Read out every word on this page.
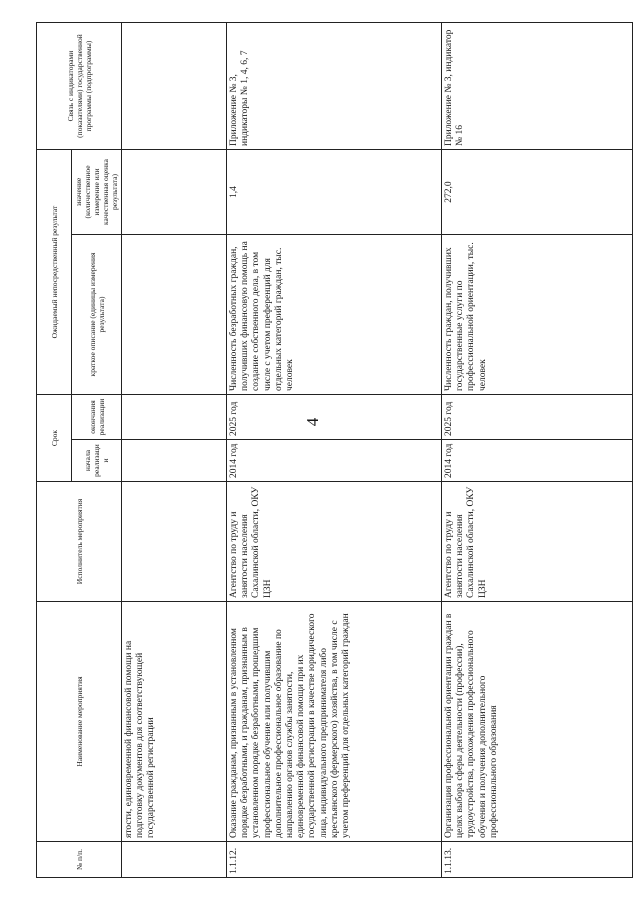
4
№ п/п.	Наименование мероприятия	Исполнитель мероприятия	Срок		Ожидаемый непосредственный результат		Связь с индикаторами (показателями) государственной программы (подпрограммы)
			начала реализации	окончания реализации	краткое описание (единицы измерения результата)	значение (количественное измерение или качественная оценка результата)	
	ятости, единовременной финансовой помощи на подготовку документов для соответствующей государственной регистрации						
1.1.12.	Оказание гражданам, признанным в установленном порядке безработными, и гражданам, признанным в установленном порядке безработными, прошедшим профессиональное обучение или получившим дополнительное профессиональное образование по направлению органов службы занятости, единовременной финансовой помощи при их государственной регистрации в качестве юридического лица, индивидуального предпринимателя либо крестьянского (фермерского) хозяйства, в том числе с учетом преференций для отдельных категорий граждан	Агентство по труду и занятости населения Сахалинской области, ОКУ ЦЗН	2014 год	2025 год	Численность безработных граждан, получивших финансовую помощь на создание собственного дела, в том числе с учетом преференций для отдельных категорий граждан, тыс. человек	1,4	Приложение № 3, индикаторы № 1, 4, 6, 7
1.1.13.	Организация профессиональной ориентации граждан в целях выбора сферы деятельности (профессии), трудоустройства, прохождения профессионального обучения и получения дополнительного профессионального образования	Агентство по труду и занятости населения Сахалинской области, ОКУ ЦЗН	2014 год	2025 год	Численность граждан, получивших государственные услуги по профессиональной ориентации, тыс. человек	272,0	Приложение № 3, индикатор № 16
